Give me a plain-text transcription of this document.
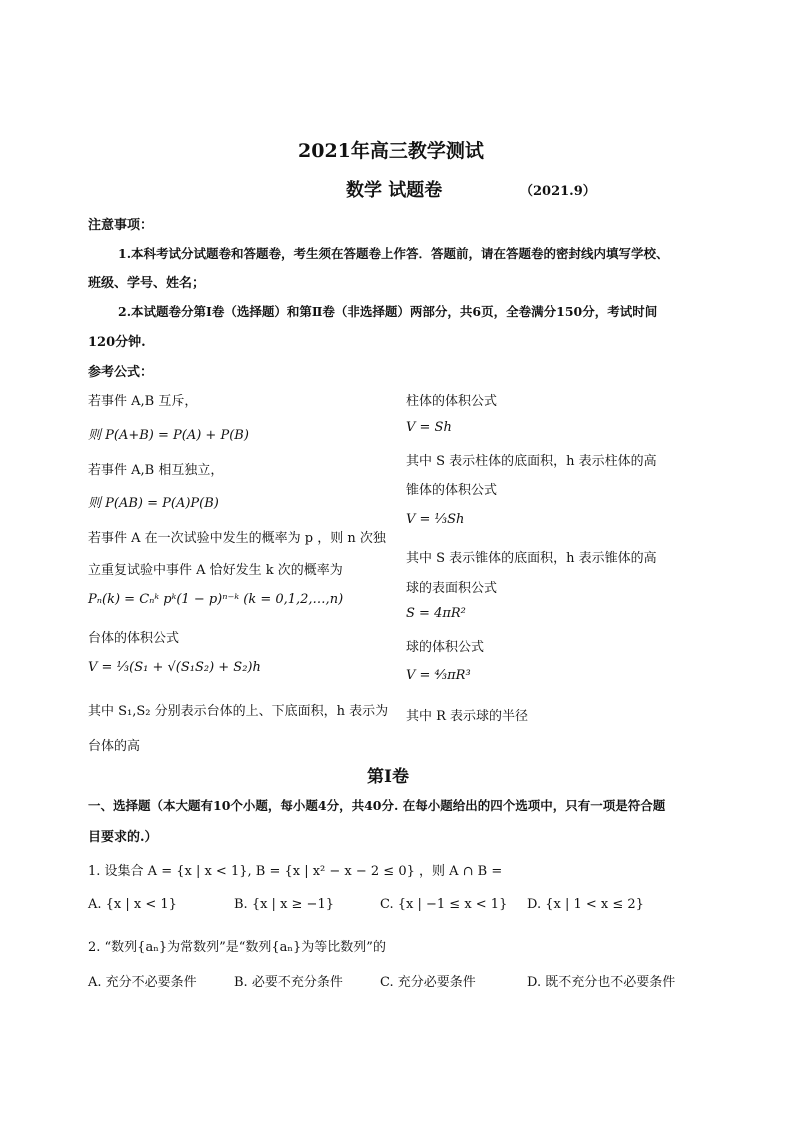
2021年高三教学测试
数学 试题卷	（2021.9）
注意事项：
1.本科考试分试题卷和答题卷，考生须在答题卷上作答．答题前，请在答题卷的密封线内填写学校、
班级、学号、姓名；
2.本试题卷分第Ⅰ卷（选择题）和第Ⅱ卷（非选择题）两部分，共6页，全卷满分150分，考试时间
120分钟.
参考公式：
若事件 A,B 互斥，
则 P(A+B) = P(A) + P(B)
若事件 A,B 相互独立，
则 P(AB) = P(A)P(B)
若事件 A 在一次试验中发生的概率为 p ，则 n 次独
立重复试验中事件 A 恰好发生 k 次的概率为
Pₙ(k) = Cₙᵏ pᵏ(1 − p)ⁿ⁻ᵏ (k = 0,1,2,…,n)
台体的体积公式
V = ⅓(S₁ + √(S₁S₂) + S₂)h
其中 S₁,S₂ 分别表示台体的上、下底面积，h 表示为
台体的高
柱体的体积公式
V = Sh
其中 S 表示柱体的底面积，h 表示柱体的高
锥体的体积公式
V = ⅓Sh
其中 S 表示锥体的底面积，h 表示锥体的高
球的表面积公式
S = 4πR²
球的体积公式
V = ⁴⁄₃πR³
其中 R 表示球的半径
第Ⅰ卷
一、选择题（本大题有10个小题，每小题4分，共40分. 在每小题给出的四个选项中，只有一项是符合题
目要求的.）
1. 设集合 A = {x | x < 1}, B = {x | x² − x − 2 ≤ 0} ，则 A ∩ B =
A. {x | x < 1}	B. {x | x ≥ −1}	C. {x | −1 ≤ x < 1} D. {x | 1 < x ≤ 2}
2. “数列{aₙ}为常数列”是“数列{aₙ}为等比数列”的
A. 充分不必要条件	B. 必要不充分条件	C. 充分必要条件	D. 既不充分也不必要条件
